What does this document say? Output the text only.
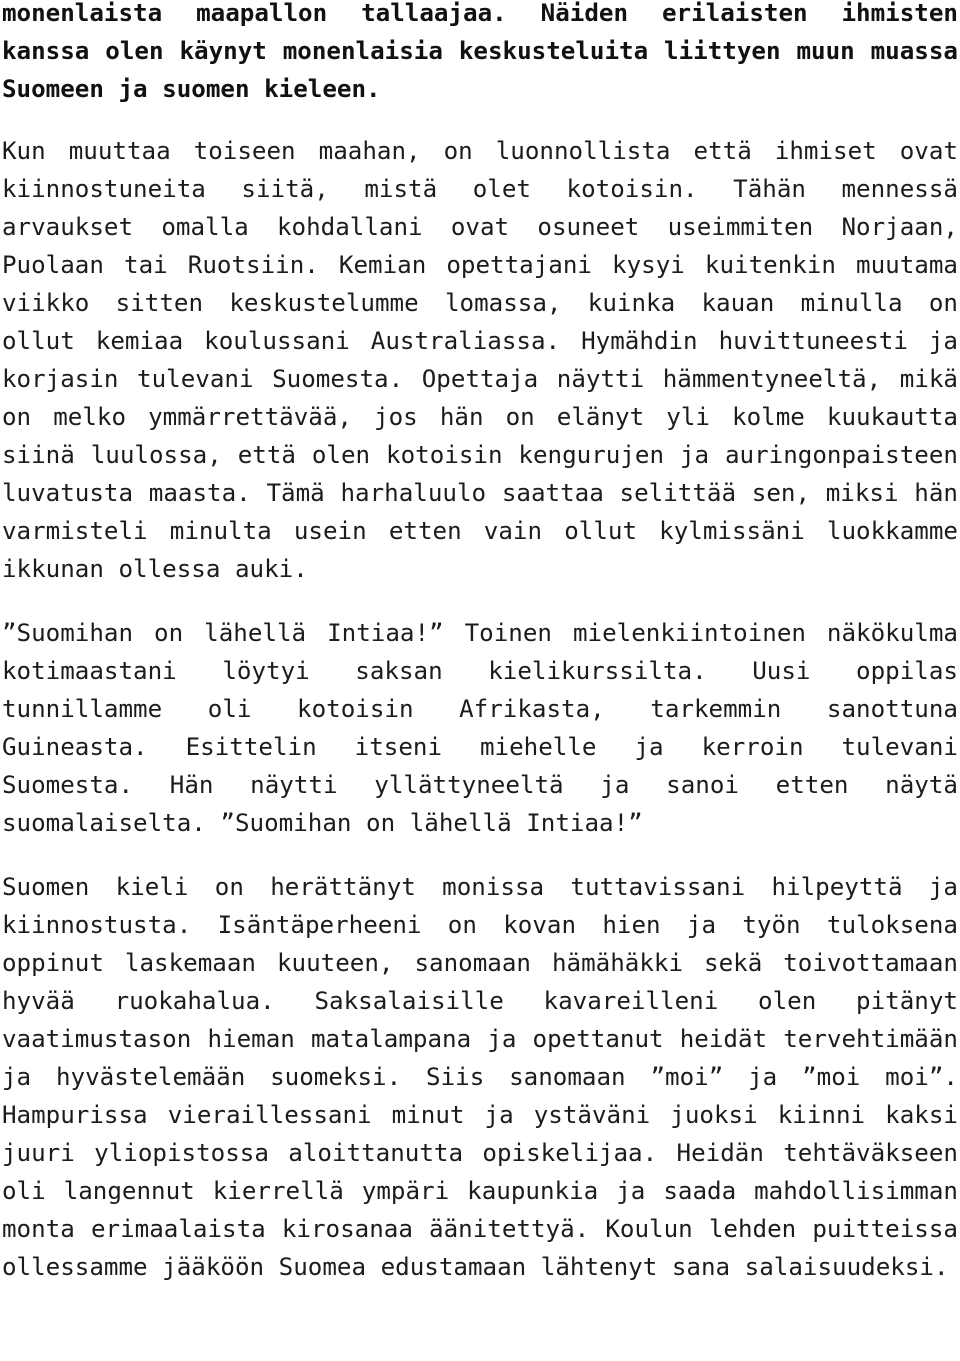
monenlaista maapallon tallaajaa. Näiden erilaisten ihmisten kanssa olen käynyt monenlaisia keskusteluita liittyen muun muassa Suomeen ja suomen kieleen.

Kun muuttaa toiseen maahan, on luonnollista että ihmiset ovat kiinnostuneita siitä, mistä olet kotoisin. Tähän mennessä arvaukset omalla kohdallani ovat osuneet useimmiten Norjaan, Puolaan tai Ruotsiin. Kemian opettajani kysyi kuitenkin muutama viikko sitten keskustelumme lomassa, kuinka kauan minulla on ollut kemiaa koulussani Australiassa. Hymähdin huvittuneesti ja korjasin tulevani Suomesta. Opettaja näytti hämmentyneeltä, mikä on melko ymmärrettävää, jos hän on elänyt yli kolme kuukautta siinä luulossa, että olen kotoisin kengurujen ja auringonpaisteen luvatusta maasta. Tämä harhaluulo saattaa selittää sen, miksi hän varmisteli minulta usein etten vain ollut kylmissäni luokkamme ikkunan ollessa auki.

”Suomihan on lähellä Intiaa!” Toinen mielenkiintoinen näkökulma kotimaastani löytyi saksan kielikurssilta. Uusi oppilas tunnillamme oli kotoisin Afrikasta, tarkemmin sanottuna Guineasta. Esittelin itseni miehelle ja kerroin tulevani Suomesta. Hän näytti yllättyneeltä ja sanoi etten näytä suomalaiselta. ”Suomihan on lähellä Intiaa!”

Suomen kieli on herättänyt monissa tuttavissani hilpeyttä ja kiinnostusta. Isäntäperheeni on kovan hien ja työn tuloksena oppinut laskemaan kuuteen, sanomaan hämähäkki sekä toivottamaan hyvää ruokahalua. Saksalaisille kavareilleni olen pitänyt vaatimustason hieman matalampana ja opettanut heidät tervehtimään ja hyvästelemään suomeksi. Siis sanomaan ”moi” ja ”moi moi”. Hampurissa vieraillessani minut ja ystäväni juoksi kiinni kaksi juuri yliopistossa aloittanutta opiskelijaa. Heidän tehtäväkseen oli langennut kierrellä ympäri kaupunkia ja saada mahdollisimman monta erimaalaista kirosanaa äänitettyä. Koulun lehden puitteissa ollessamme jääköön Suomea edustamaan lähtenyt sana salaisuudeksi.
